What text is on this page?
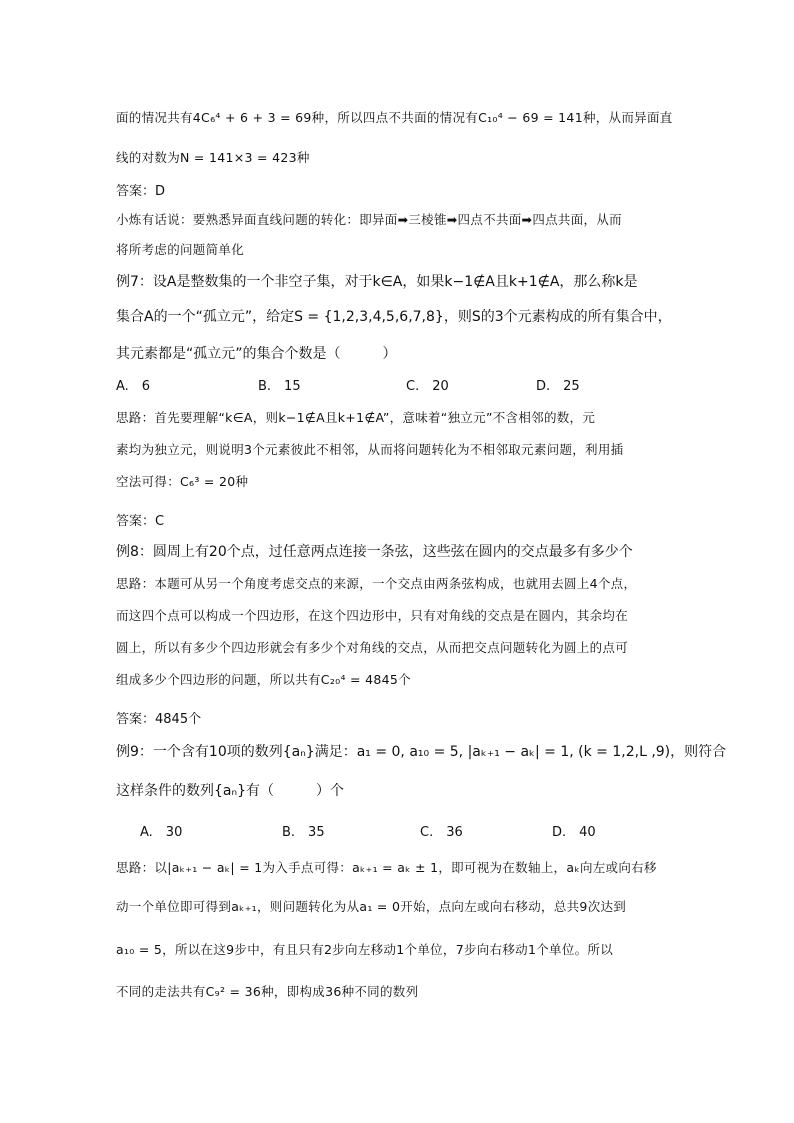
面的情况共有4C₆⁴ + 6 + 3 = 69种，所以四点不共面的情况有C₁₀⁴ − 69 = 141种，从而异面直
线的对数为N = 141×3 = 423种
答案：D
小炼有话说：要熟悉异面直线问题的转化：即异面➡三棱锥➡四点不共面➡四点共面，从而
将所考虑的问题简单化
例7：设A是整数集的一个非空子集，对于k∈A，如果k−1∉A且k+1∉A，那么称k是
集合A的一个“孤立元”，给定S = {1,2,3,4,5,6,7,8}，则S的3个元素构成的所有集合中，
其元素都是“孤立元”的集合个数是（　　　）
A.　6	B.　15	C.　20	D.　25
思路：首先要理解“k∈A，则k−1∉A且k+1∉A”，意味着“独立元”不含相邻的数，元
素均为独立元，则说明3个元素彼此不相邻，从而将问题转化为不相邻取元素问题，利用插
空法可得：C₆³ = 20种
答案：C
例8：圆周上有20个点，过任意两点连接一条弦，这些弦在圆内的交点最多有多少个
思路：本题可从另一个角度考虑交点的来源，一个交点由两条弦构成，也就用去圆上4个点，
而这四个点可以构成一个四边形，在这个四边形中，只有对角线的交点是在圆内，其余均在
圆上，所以有多少个四边形就会有多少个对角线的交点，从而把交点问题转化为圆上的点可
组成多少个四边形的问题，所以共有C₂₀⁴ = 4845个
答案：4845个
例9：一个含有10项的数列{aₙ}满足：a₁ = 0, a₁₀ = 5, |aₖ₊₁ − aₖ| = 1, (k = 1,2,L ,9)，则符合
这样条件的数列{aₙ}有（　　　）个
A.　30	B.　35	C.　36	D.　40
思路：以|aₖ₊₁ − aₖ| = 1为入手点可得：aₖ₊₁ = aₖ ± 1，即可视为在数轴上，aₖ向左或向右移
动一个单位即可得到aₖ₊₁，则问题转化为从a₁ = 0开始，点向左或向右移动，总共9次达到
a₁₀ = 5，所以在这9步中，有且只有2步向左移动1个单位，7步向右移动1个单位。所以
不同的走法共有C₉² = 36种，即构成36种不同的数列
